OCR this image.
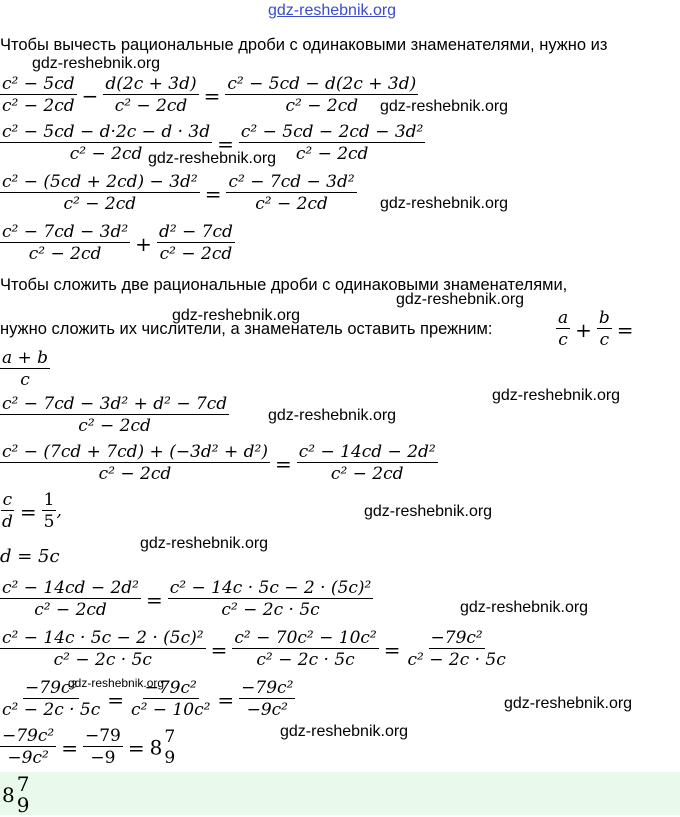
gdz-reshebnik.org
Чтобы вычесть рациональные дроби с одинаковыми знаменателями, нужно из
$\frac{\text{c² − 5cd}}{\text{c² − 2cd}} - \frac{d(2c + 3d)}{\text{c² − 2cd}} = \frac{\text{c² − 5cd − d(2c + 3d)}}{\text{c² − 2cd}}$
$\frac{\text{c² − 5cd − d·2c − d · 3d}}{\text{c² − 2cd}} = \frac{\text{c² − 5cd − 2cd − 3d²}}{\text{c² − 2cd}}$
$\frac{\text{c² − (5cd + 2cd) − 3d²}}{\text{c² − 2cd}} = \frac{\text{c² − 7cd − 3d²}}{\text{c² − 2cd}}$
$\frac{\text{c² − 7cd − 3d²}}{\text{c² − 2cd}} + \frac{\text{d² − 7cd}}{\text{c² − 2cd}}$
Чтобы сложить две рациональные дроби с одинаковыми знаменателями,
нужно сложить их числители, а знаменатель оставить прежним:	$\frac{a}{c} + \frac{b}{c}$ =
$\frac{a + b}{c}$
$\frac{\text{c² − 7cd − 3d² + d² − 7cd}}{\text{c² − 2cd}}$
$\frac{\text{c² − (7cd + 7cd) + (−3d² + d²)}}{\text{c² − 2cd}} = \frac{\text{c² − 14cd − 2d²}}{\text{c² − 2cd}}$
$\frac{c}{d} = \frac{1}{5}$ ,
d = 5c
$\frac{\text{c² − 14cd − 2d²}}{\text{c² − 2cd}} = \frac{\text{c² − 14c · 5c − 2 · (5c)²}}{\text{c² − 2c · 5c}}$
$\frac{\text{c² − 14c · 5c − 2 · (5c)²}}{\text{c² − 2c · 5c}} = \frac{\text{c² − 70c² − 10c²}}{\text{c² − 2c · 5c}} = \frac{\text{−79c²}}{\text{c² − 2c · 5c}}$
$\frac{\text{−79c²}}{\text{c² − 2c · 5c}} = \frac{\text{−79c²}}{\text{c² − 10c²}} = \frac{\text{−79c²}}{\text{−9c²}}$
$\frac{\text{−79c²}}{\text{−9c²}} = \frac{-79}{-9} = 8$ 7
9
8 7
9
gdz-reshebnik.org
gdz-reshebnik.org
gdz-reshebnik.org
gdz-reshebnik.org
gdz-reshebnik.org
gdz-reshebnik.org
gdz-reshebnik.org
gdz-reshebnik.org
gdz-reshebnik.org
gdz-reshebnik.org
gdz-reshebnik.org
gdz-reshebnik.org
gdz-reshebnik.org
gdz-reshebnik.org
